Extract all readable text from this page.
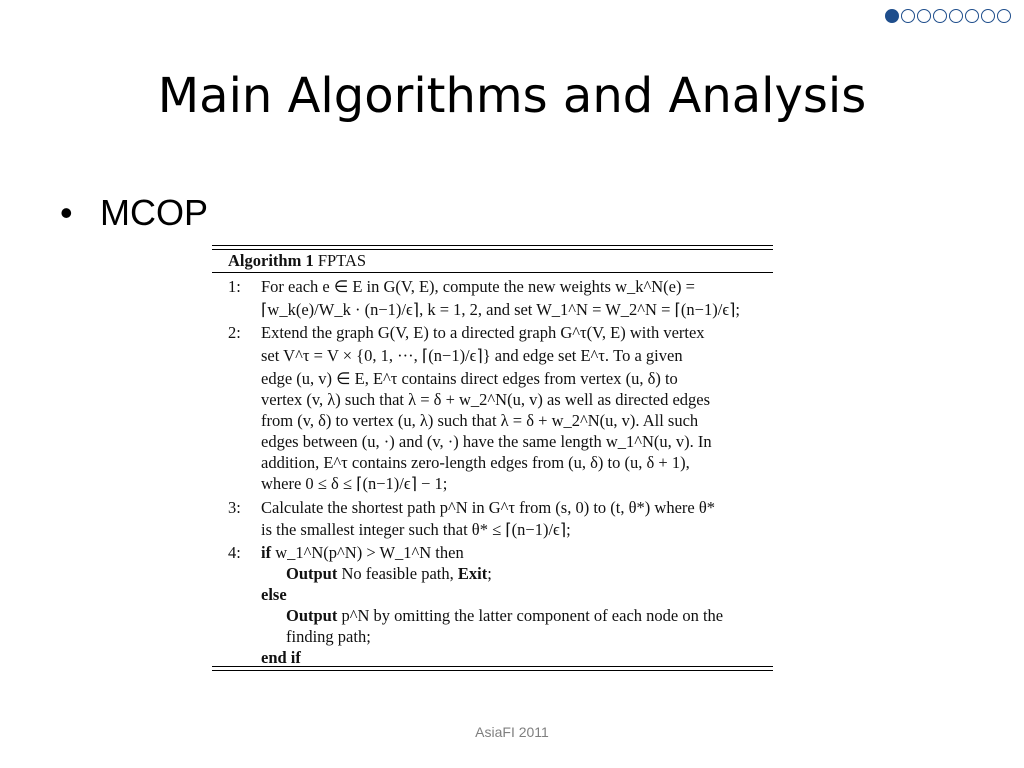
Main Algorithms and Analysis
• MCOP
Algorithm 1 FPTAS
1: For each e ∈ E in G(V, E), compute the new weights w_k^N(e) =
⌈w_k(e)/W_k · (n−1)/ϵ⌉, k = 1, 2, and set W_1^N = W_2^N = ⌈(n−1)/ϵ⌉;
2: Extend the graph G(V, E) to a directed graph G^τ(V, E) with vertex
set V^τ = V × {0, 1, ···, ⌈(n−1)/ϵ⌉} and edge set E^τ. To a given
edge (u, v) ∈ E, E^τ contains direct edges from vertex (u, δ) to
vertex (v, λ) such that λ = δ + w_2^N(u, v) as well as directed edges
from (v, δ) to vertex (u, λ) such that λ = δ + w_2^N(u, v). All such
edges between (u, ·) and (v, ·) have the same length w_1^N(u, v). In
addition, E^τ contains zero-length edges from (u, δ) to (u, δ + 1),
where 0 ≤ δ ≤ ⌈(n−1)/ϵ⌉ − 1;
3: Calculate the shortest path p^N in G^τ from (s, 0) to (t, θ*) where θ*
is the smallest integer such that θ* ≤ ⌈(n−1)/ϵ⌉;
4: if w_1^N(p^N) > W_1^N then
Output No feasible path, Exit;
else
Output p^N by omitting the latter component of each node on the
finding path;
end if
AsiaFI 2011
